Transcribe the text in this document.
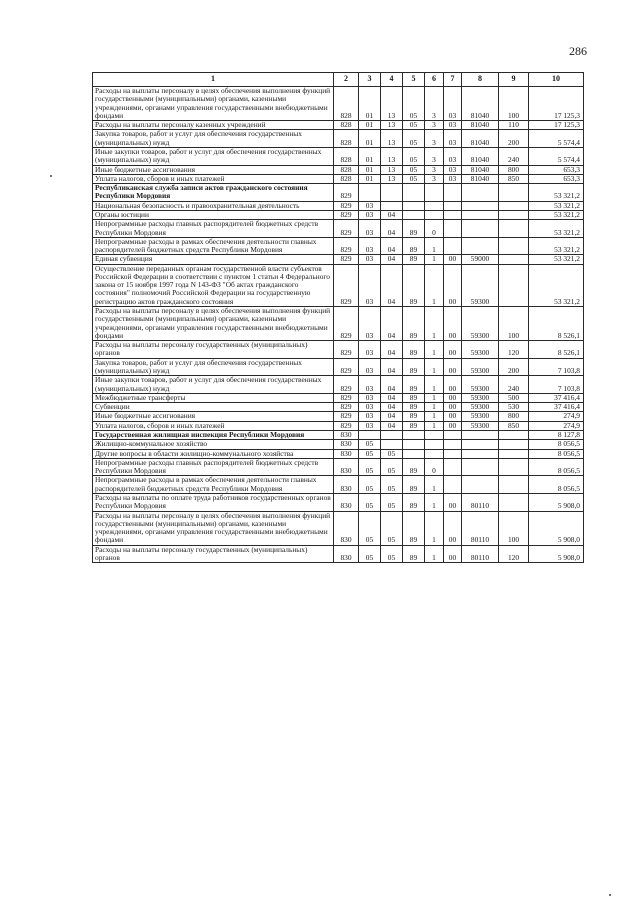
286
1	2	3	4	5	6	7	8	9	10
Расходы на выплаты персоналу в целях обеспечения выполнения функций государственными (муниципальными) органами, казенными учреждениями, органами управления государственными внебюджетными фондами	828	01	13	05	3	03	81040	100	17 125,3
Расходы на выплаты персоналу казенных учреждений	828	01	13	05	3	03	81040	110	17 125,3
Закупка товаров, работ и услуг для обеспечения государственных (муниципальных) нужд	828	01	13	05	3	03	81040	200	5 574,4
Иные закупки товаров, работ и услуг для обеспечения государственных (муниципальных) нужд	828	01	13	05	3	03	81040	240	5 574,4
Иные бюджетные ассигнования	828	01	13	05	3	03	81040	800	653,3
Уплата налогов, сборов и иных платежей	828	01	13	05	3	03	81040	850	653,3
Республиканская служба записи актов гражданского состояния Республики Мордовия	829								53 321,2
Национальная безопасность и правоохранительная деятельность	829	03							53 321,2
Органы юстиции	829	03	04						53 321,2
Непрограммные расходы главных распорядителей бюджетных средств Республики Мордовия	829	03	04	89	0				53 321,2
Непрограммные расходы в рамках обеспечения деятельности главных распорядителей бюджетных средств Республики Мордовия	829	03	04	89	1				53 321,2
Единая субвенция	829	03	04	89	1	00	59000		53 321,2
Осуществление переданных органам государственной власти субъектов Российской Федерации в соответствии с пунктом 1 статьи 4 Федерального закона от 15 ноября 1997 года N 143-ФЗ "Об актах гражданского состояния" полномочий Российской Федерации на государственную регистрацию актов гражданского состояния	829	03	04	89	1	00	59300		53 321,2
Расходы на выплаты персоналу в целях обеспечения выполнения функций государственными (муниципальными) органами, казенными учреждениями, органами управления государственными внебюджетными фондами	829	03	04	89	1	00	59300	100	8 526,1
Расходы на выплаты персоналу государственных (муниципальных) органов	829	03	04	89	1	00	59300	120	8 526,1
Закупка товаров, работ и услуг для обеспечения государственных (муниципальных) нужд	829	03	04	89	1	00	59300	200	7 103,8
Иные закупки товаров, работ и услуг для обеспечения государственных (муниципальных) нужд	829	03	04	89	1	00	59300	240	7 103,8
Межбюджетные трансферты	829	03	04	89	1	00	59300	500	37 416,4
Субвенции	829	03	04	89	1	00	59300	530	37 416,4
Иные бюджетные ассигнования	829	03	04	89	1	00	59300	800	274,9
Уплата налогов, сборов и иных платежей	829	03	04	89	1	00	59300	850	274,9
Государственная жилищная инспекция Республики Мордовия	830								8 127,8
Жилищно-коммунальное хозяйство	830	05							8 056,5
Другие вопросы в области жилищно-коммунального хозяйства	830	05	05						8 056,5
Непрограммные расходы главных распорядителей бюджетных средств Республики Мордовия	830	05	05	89	0				8 056,5
Непрограммные расходы в рамках обеспечения деятельности главных распорядителей бюджетных средств Республики Мордовия	830	05	05	89	1				8 056,5
Расходы на выплаты по оплате труда работников государственных органов Республики Мордовия	830	05	05	89	1	00	80110		5 908,0
Расходы на выплаты персоналу в целях обеспечения выполнения функций государственными (муниципальными) органами, казенными учреждениями, органами управления государственными внебюджетными фондами	830	05	05	89	1	00	80110	100	5 908,0
Расходы на выплаты персоналу государственных (муниципальных) органов	830	05	05	89	1	00	80110	120	5 908,0
